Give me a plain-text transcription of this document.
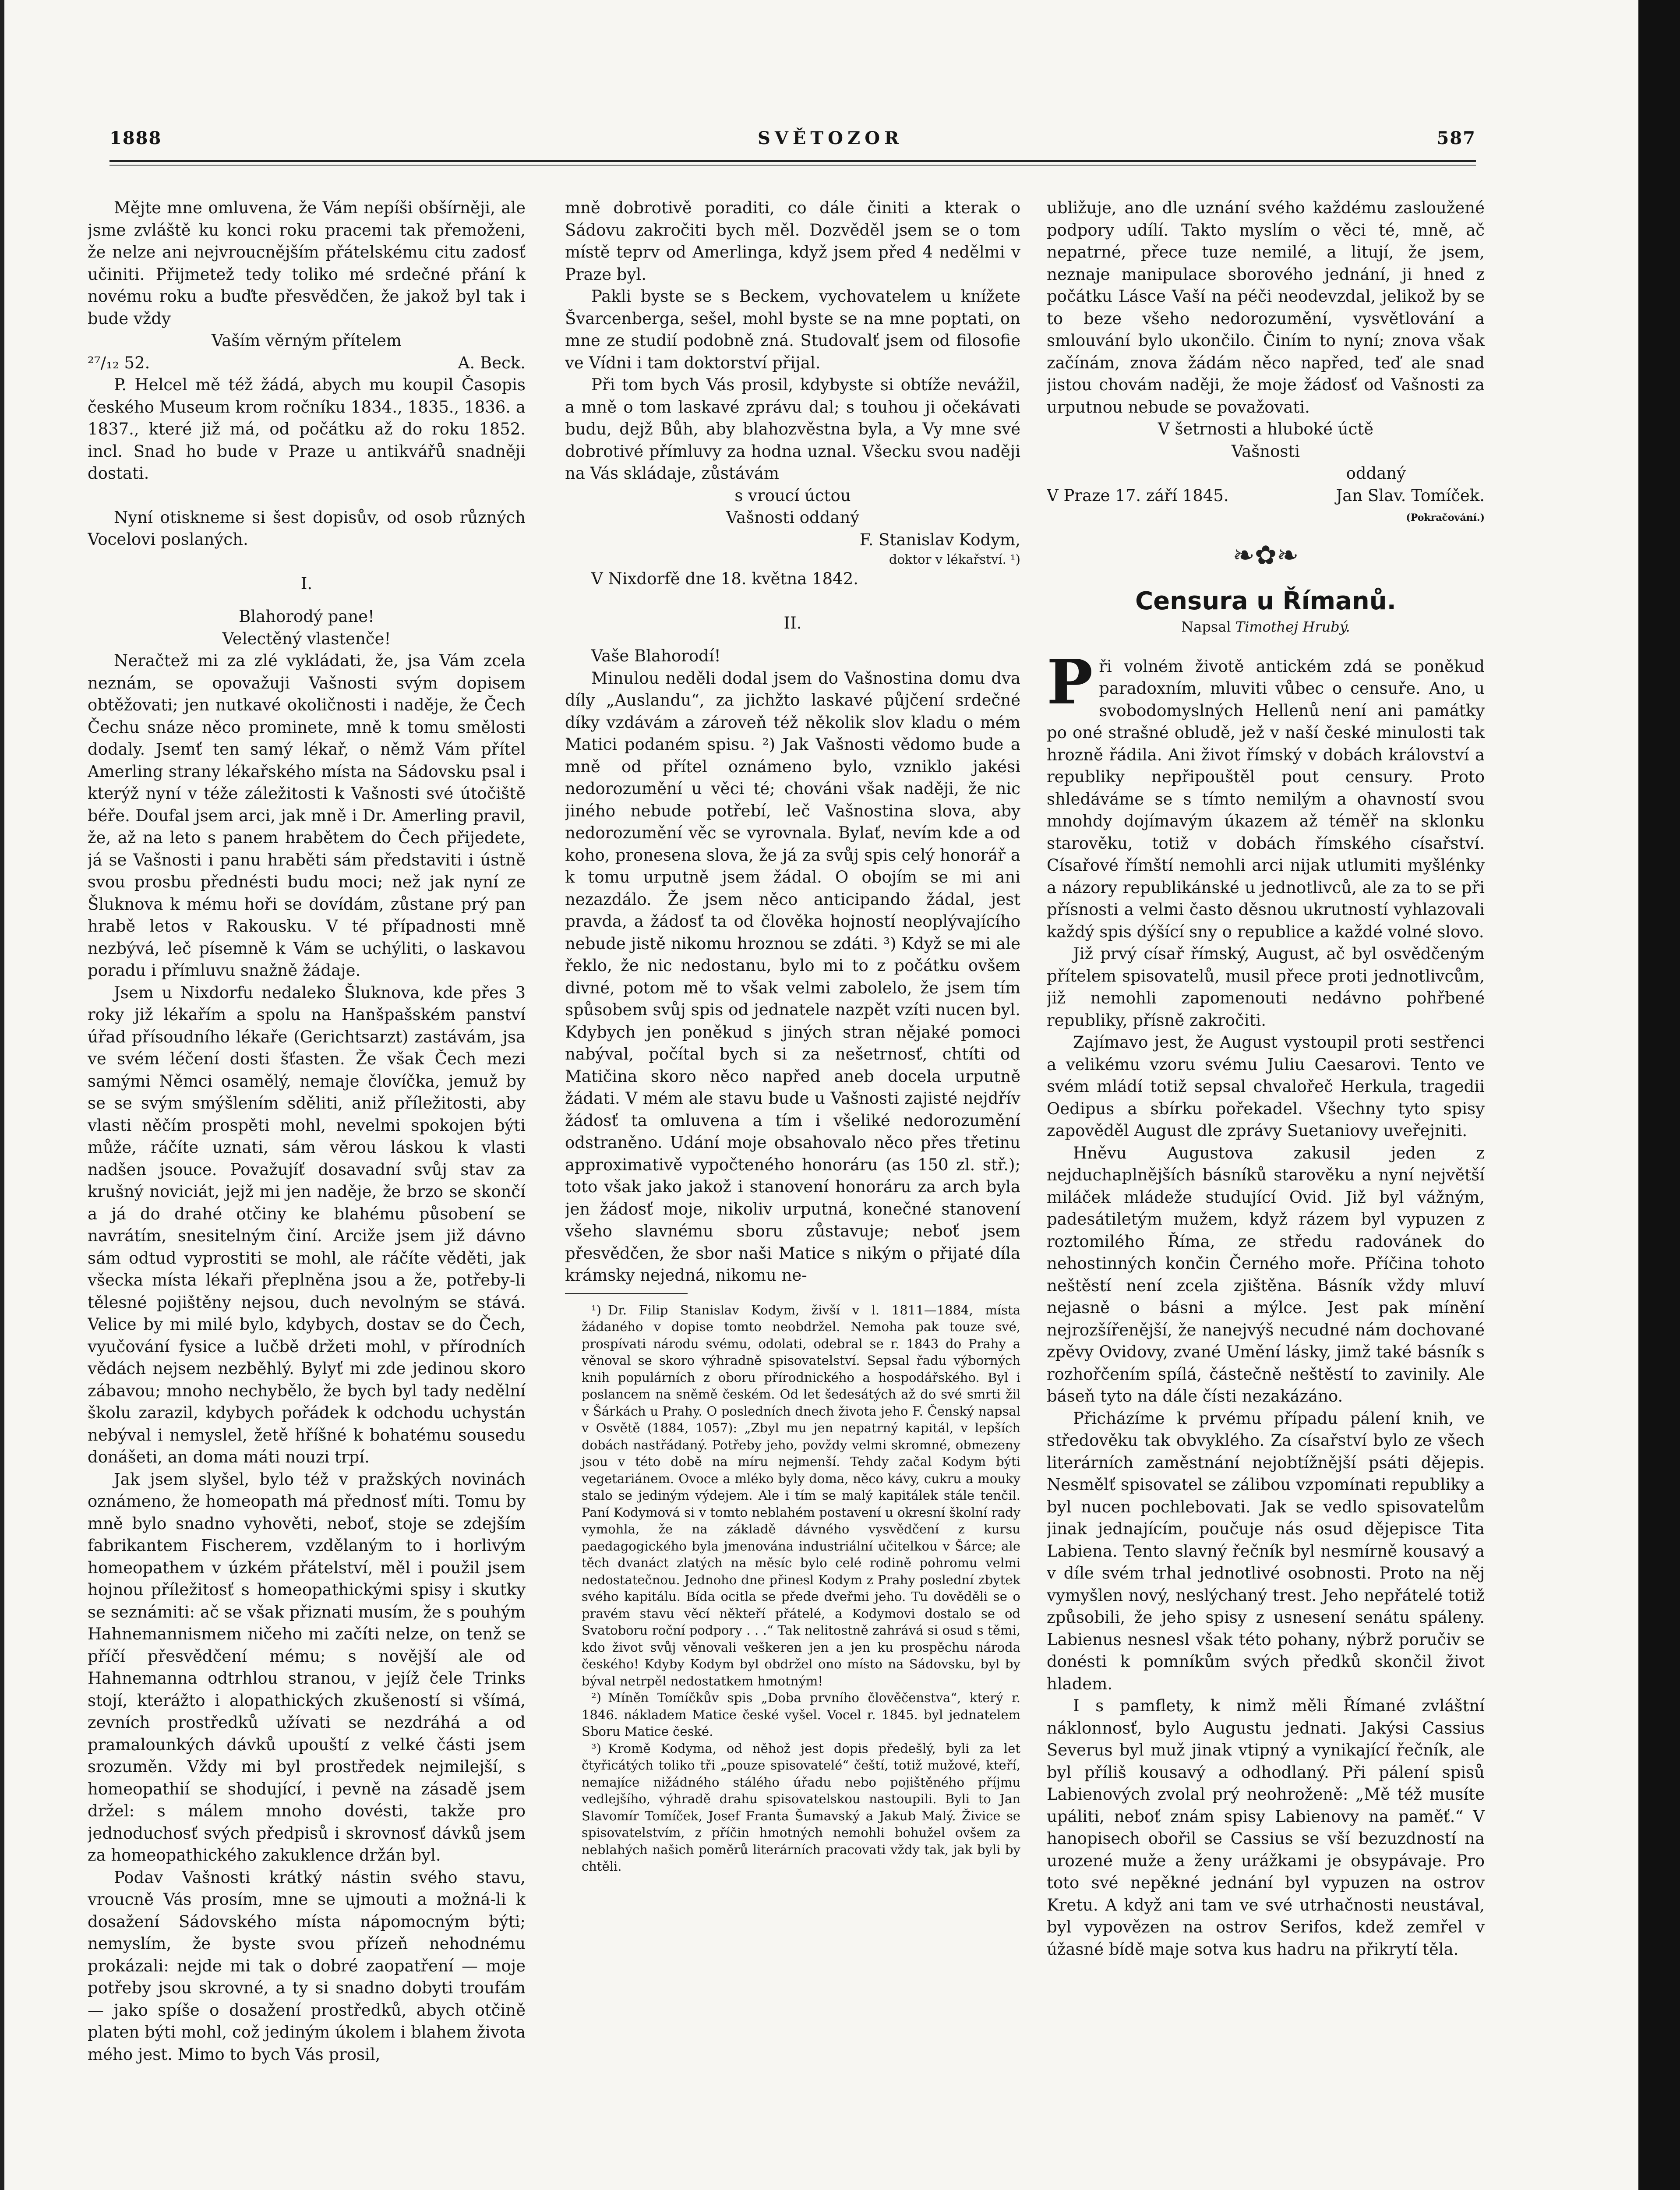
1888	SVĚTOZOR	587

Mějte mne omluvena, že Vám nepíši obšírněji, ale jsme zvláště ku konci roku pracemi tak přemoženi, že nelze ani nejvroucnějším přátelskému citu zadosť učiniti. Přijmetež tedy toliko mé srdečné přání k novému roku a buďte přesvědčen, že jakož byl tak i bude vždy

Vaším věrným přítelem

²⁷/₁₂ 52.	A. Beck.

P. Helcel mě též žádá, abych mu koupil Časopis českého Museum krom ročníku 1834., 1835., 1836. a 1837., které již má, od počátku až do roku 1852. incl. Snad ho bude v Praze u antikvářů snadněji dostati.

Nyní otiskneme si šest dopisův, od osob různých Vocelovi poslaných.

I.

Blahorodý pane!

Velectěný vlastenče!

Neračtež mi za zlé vykládati, že, jsa Vám zcela neznám, se opovažuji Vašnosti svým dopisem obtěžovati; jen nutkavé okoličnosti i naděje, že Čech Čechu snáze něco prominete, mně k tomu smělosti dodaly. Jsemť ten samý lékař, o němž Vám přítel Amerling strany lékařského místa na Sádovsku psal i kterýž nyní v téže záležitosti k Vašnosti své útočiště béře. Doufal jsem arci, jak mně i Dr. Amerling pravil, že, až na leto s panem hrabětem do Čech přijedete, já se Vašnosti i panu hraběti sám představiti i ústně svou prosbu přednésti budu moci; než jak nyní ze Šluknova k mému hoři se dovídám, zůstane prý pan hrabě letos v Rakousku. V té případnosti mně nezbývá, leč písemně k Vám se uchýliti, o laskavou poradu i přímluvu snažně žádaje.

Jsem u Nixdorfu nedaleko Šluknova, kde přes 3 roky již lékařím a spolu na Hanšpašském panství úřad přísoudního lékaře (Gerichtsarzt) zastávám, jsa ve svém léčení dosti šťasten. Že však Čech mezi samými Němci osamělý, nemaje človíčka, jemuž by se se svým smýšlením sděliti, aniž příležitosti, aby vlasti něčím prospěti mohl, nevelmi spokojen býti může, ráčíte uznati, sám věrou láskou k vlasti nadšen jsouce. Považujíť dosavadní svůj stav za krušný noviciát, jejž mi jen naděje, že brzo se skončí a já do drahé otčiny ke blahému působení se navrátím, snesitelným činí. Arciže jsem již dávno sám odtud vyprostiti se mohl, ale ráčíte věděti, jak všecka místa lékaři přeplněna jsou a že, potřeby-li tělesné pojištěny nejsou, duch nevolným se stává. Velice by mi milé bylo, kdybych, dostav se do Čech, vyučování fysice a lučbě držeti mohl, v přírodních vědách nejsem nezběhlý. Bylyť mi zde jedinou skoro zábavou; mnoho nechybělo, že bych byl tady nedělní školu zarazil, kdybych pořádek k odchodu uchystán nebýval i nemyslel, žetě hříšné k bohatému sousedu donášeti, an doma máti nouzi trpí.

Jak jsem slyšel, bylo též v pražských novinách oznámeno, že homeopath má přednosť míti. Tomu by mně bylo snadno vyhověti, neboť, stoje se zdejším fabrikantem Fischerem, vzdělaným to i horlivým homeopathem v úzkém přátelství, měl i použil jsem hojnou příležitosť s homeopathickými spisy i skutky se seznámiti: ač se však přiznati musím, že s pouhým Hahnemannismem ničeho mi začíti nelze, on tenž se příčí přesvědčení mému; s novější ale od Hahnemanna odtrhlou stranou, v jejíž čele Trinks stojí, kterážto i alopathických zkušeností si všímá, zevních prostředků užívati se nezdráhá a od pramalounkých dávků upouští z velké části jsem srozuměn. Vždy mi byl prostředek nejmilejší, s homeopathií se shodující, i pevně na zásadě jsem držel: s málem mnoho dovésti, takže pro jednoduchosť svých předpisů i skrovnosť dávků jsem za homeopathického zakuklence držán byl.

Podav Vašnosti krátký nástin svého stavu, vroucně Vás prosím, mne se ujmouti a možná-li k dosažení Sádovského místa nápomocným býti; nemyslím, že byste svou přízeň nehodnému prokázali: nejde mi tak o dobré zaopatření — moje potřeby jsou skrovné, a ty si snadno dobyti troufám — jako spíše o dosažení prostředků, abych otčině platen býti mohl, což jediným úkolem i blahem života mého jest. Mimo to bych Vás prosil,

mně dobrotivě poraditi, co dále činiti a kterak o Sádovu zakročiti bych měl. Dozvěděl jsem se o tom místě teprv od Amerlinga, když jsem před 4 nedělmi v Praze byl.

Pakli byste se s Beckem, vychovatelem u knížete Švarcenberga, sešel, mohl byste se na mne poptati, on mne ze studií podobně zná. Studovalť jsem od filosofie ve Vídni i tam doktorství přijal.

Při tom bych Vás prosil, kdybyste si obtíže nevážil, a mně o tom laskavé zprávu dal; s touhou ji očekávati budu, dejž Bůh, aby blahozvěstna byla, a Vy mne své dobrotivé přímluvy za hodna uznal. Všecku svou naději na Vás skládaje, zůstávám

s vroucí úctou

Vašnosti oddaný

F. Stanislav Kodym,

doktor v lékařství. ¹)

V Nixdorfě dne 18. května 1842.

II.

Vaše Blahorodí!

Minulou neděli dodal jsem do Vašnostina domu dva díly „Auslandu“, za jichžto laskavé půjčení srdečné díky vzdávám a zároveň též několik slov kladu o mém Matici podaném spisu. ²) Jak Vašnosti vědomo bude a mně od přítel oznámeno bylo, vzniklo jakési nedorozumění u věci té; chováni však naději, že nic jiného nebude potřebí, leč Vašnostina slova, aby nedorozumění věc se vyrovnala. Bylať, nevím kde a od koho, pronesena slova, že já za svůj spis celý honorář a k tomu urputně jsem žádal. O obojím se mi ani nezazdálo. Že jsem něco anticipando žádal, jest pravda, a žádosť ta od člověka hojností neoplývajícího nebude jistě nikomu hroznou se zdáti. ³) Když se mi ale řeklo, že nic nedostanu, bylo mi to z počátku ovšem divné, potom mě to však velmi zabolelo, že jsem tím spůsobem svůj spis od jednatele nazpět vzíti nucen byl. Kdybych jen poněkud s jiných stran nějaké pomoci nabýval, počítal bych si za nešetrnosť, chtíti od Matičina skoro něco napřed aneb docela urputně žádati. V mém ale stavu bude u Vašnosti zajisté nejdřív žádosť ta omluvena a tím i všeliké nedorozumění odstraněno. Udání moje obsahovalo něco přes třetinu approximativě vypočteného honoráru (as 150 zl. stř.); toto však jako jakož i stanovení honoráru za arch byla jen žádosť moje, nikoliv urputná, konečné stanovení všeho slavnému sboru zůstavuje; neboť jsem přesvědčen, že sbor naši Matice s nikým o přijaté díla krámsky nejedná, nikomu ne-

¹) Dr. Filip Stanislav Kodym, živší v l. 1811—1884, místa žádaného v dopise tomto neobdržel. Nemoha pak touze své, prospívati národu svému, odolati, odebral se r. 1843 do Prahy a věnoval se skoro výhradně spisovatelství. Sepsal řadu výborných knih populárních z oboru přírodnického a hospodářského. Byl i poslancem na sněmě českém. Od let šedesátých až do své smrti žil v Šárkách u Prahy. O posledních dnech života jeho F. Čenský napsal v Osvětě (1884, 1057): „Zbyl mu jen nepatrný kapitál, v lepších dobách nastřádaný. Potřeby jeho, povždy velmi skromné, obmezeny jsou v této době na míru nejmenší. Tehdy začal Kodym býti vegetariánem. Ovoce a mléko byly doma, něco kávy, cukru a mouky stalo se jediným výdejem. Ale i tím se malý kapitálek stále tenčil. Paní Kodymová si v tomto neblahém postavení u okresní školní rady vymohla, že na základě dávného vysvědčení z kursu paedagogického byla jmenována industriální učitelkou v Šárce; ale těch dvanáct zlatých na měsíc bylo celé rodině pohromu velmi nedostatečnou. Jednoho dne přinesl Kodym z Prahy poslední zbytek svého kapitálu. Bída ocitla se přede dveřmi jeho. Tu dověděli se o pravém stavu věcí někteří přátelé, a Kodymovi dostalo se od Svatoboru roční podpory . . .“ Tak nelitostně zahrává si osud s těmi, kdo život svůj věnovali veškeren jen a jen ku prospěchu národa českého! Kdyby Kodym byl obdržel ono místo na Sádovsku, byl by býval netrpěl nedostatkem hmotným!

²) Míněn Tomíčkův spis „Doba prvního člověčenstva“, který r. 1846. nákladem Matice české vyšel. Vocel r. 1845. byl jednatelem Sboru Matice české.

³) Kromě Kodyma, od něhož jest dopis předešlý, byli za let čtyřicátých toliko tři „pouze spisovatelé“ čeští, totiž mužové, kteří, nemajíce nižádného stálého úřadu nebo pojištěného příjmu vedlejšího, výhradě drahu spisovatelskou nastoupili. Byli to Jan Slavomír Tomíček, Josef Franta Šumavský a Jakub Malý. Živice se spisovatelstvím, z příčin hmotných nemohli bohužel ovšem za neblahých našich poměrů literárních pracovati vždy tak, jak byli by chtěli.

ubližuje, ano dle uznání svého každému zasloužené podpory udílí. Takto myslím o věci té, mně, ač nepatrné, přece tuze nemilé, a litují, že jsem, neznaje manipulace sborového jednání, ji hned z počátku Lásce Vaší na péči neodevzdal, jelikož by se to beze všeho nedorozumění, vysvětlování a smlouvání bylo ukončilo. Činím to nyní; znova však začínám, znova žádám něco napřed, teď ale snad jistou chovám naději, že moje žádosť od Vašnosti za urputnou nebude se považovati.

V šetrnosti a hluboké úctě

Vašnosti

oddaný

V Praze 17. září 1845.	Jan Slav. Tomíček.

(Pokračování.)

❧✿❧
Censura u Římanů.
Napsal Timothej Hrubý.

Při volném životě antickém zdá se poněkud paradoxním, mluviti vůbec o censuře. Ano, u svobodomyslných Hellenů není ani památky po oné strašné obludě, jež v naší české minulosti tak hrozně řádila. Ani život římský v dobách království a republiky nepřipouštěl pout censury. Proto shledáváme se s tímto nemilým a ohavností svou mnohdy dojímavým úkazem až téměř na sklonku starověku, totiž v dobách římského císařství. Císařové římští nemohli arci nijak utlumiti myšlénky a názory republikánské u jednotlivců, ale za to se při přísnosti a velmi často děsnou ukrutností vyhlazovali každý spis dýšící sny o republice a každé volné slovo.

Již prvý císař římský, August, ač byl osvědčeným přítelem spisovatelů, musil přece proti jednotlivcům, již nemohli zapomenouti nedávno pohřbené republiky, přísně zakročiti.

Zajímavo jest, že August vystoupil proti sestřenci a velikému vzoru svému Juliu Caesarovi. Tento ve svém mládí totiž sepsal chvalořeč Herkula, tragedii Oedipus a sbírku pořekadel. Všechny tyto spisy zapověděl August dle zprávy Suetaniovy uveřejniti.

Hněvu Augustova zakusil jeden z nejduchaplnějších básníků starověku a nyní největší miláček mládeže studující Ovid. Již byl vážným, padesátiletým mužem, když rázem byl vypuzen z roztomilého Říma, ze středu radovánek do nehostinných končin Černého moře. Příčina tohoto neštěstí není zcela zjištěna. Básník vždy mluví nejasně o básni a mýlce. Jest pak mínění nejrozšířenější, že nanejvýš necudné nám dochované zpěvy Ovidovy, zvané Umění lásky, jimž také básník s rozhořčením spílá, částečně neštěstí to zavinily. Ale báseň tyto na dále čísti nezakázáno.

Přicházíme k prvému případu pálení knih, ve středověku tak obvyklého. Za císařství bylo ze všech literárních zaměstnání nejobtížnější psáti dějepis. Nesmělť spisovatel se zálibou vzpomínati republiky a byl nucen pochlebovati. Jak se vedlo spisovatelům jinak jednajícím, poučuje nás osud dějepisce Tita Labiena. Tento slavný řečník byl nesmírně kousavý a v díle svém trhal jednotlivé osobnosti. Proto na něj vymyšlen nový, neslýchaný trest. Jeho nepřátelé totiž způsobili, že jeho spisy z usnesení senátu spáleny. Labienus nesnesl však této pohany, nýbrž poručiv se donésti k pomníkům svých předků skončil život hladem.

I s pamflety, k nimž měli Římané zvláštní náklonnosť, bylo Augustu jednati. Jakýsi Cassius Severus byl muž jinak vtipný a vynikající řečník, ale byl příliš kousavý a odhodlaný. Při pálení spisů Labienových zvolal prý neohroženě: „Mě též musíte upáliti, neboť znám spisy Labienovy na paměť.“ V hanopisech obořil se Cassius se vší bezuzdností na urozené muže a ženy urážkami je obsypávaje. Pro toto své nepěkné jednání byl vypuzen na ostrov Kretu. A když ani tam ve své utrhačnosti neustával, byl vypovězen na ostrov Serifos, kdež zemřel v úžasné bídě maje sotva kus hadru na přikrytí těla.
